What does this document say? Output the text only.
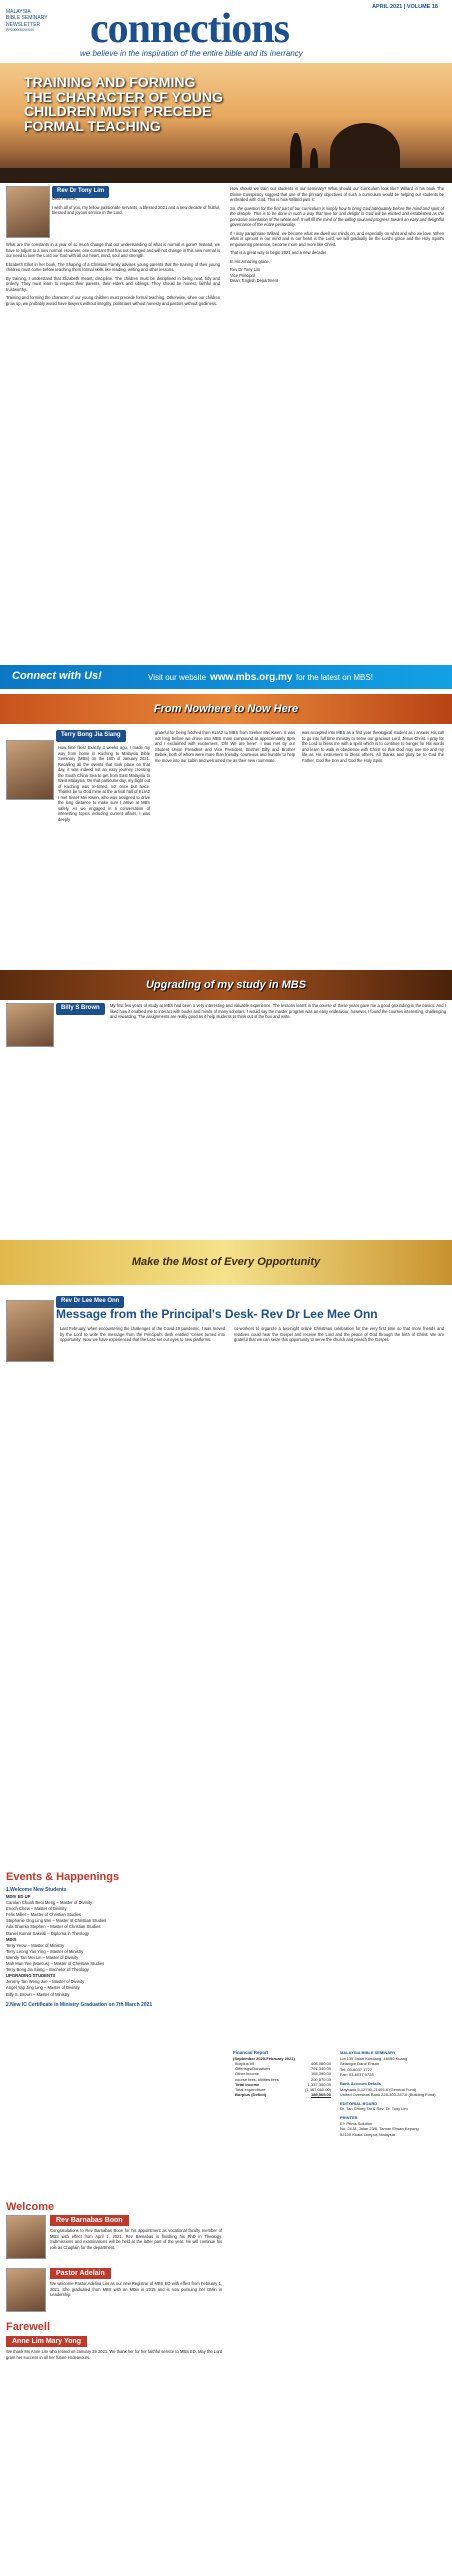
MALAYSIA
BIBLE SEMINARY
NEWSLETTER
PP000000000000	connections	APRIL 2021 | VOLUME 18
we believe in the inspiration of the entire bible and its inerrancy
TRAINING AND FORMING THE CHARACTER OF YOUNG CHILDREN MUST PRECEDE FORMAL TEACHING
Rev Dr Tony Lim

Dear Friends,

I wish all of you, my fellow passionate servants, a blessed 2021 and a new decade of fruitful, blessed and joyous service in the Lord.

What are the constants in a year of so much change that our understanding of what is normal is gone? Instead, we have to adjust to a new normal. However, one constant that has not changed and will not change in this new normal is our need to love the Lord our God with all our heart, mind, soul and strength.

Elizabeth Elliot in her book, The Shaping of a Christian Family advises young parents that the training of their young children must come before teaching them formal skills like reading, writing and other lessons.

By training, I understand that Elizabeth meant, discipline. The children must be disciplined in being neat, tidy and orderly. They must learn to respect their parents, their elders and siblings. They should be honest, faithful and trustworthy.

Training and forming the character of our young children must precede formal teaching. Otherwise, when our children grow up, we probably would have lawyers without integrity, politicians without honesty and pastors without godliness.

How should we train our students in our seminary? What should our curriculum look like? Willard in his book The Divine Conspiracy suggest that one of the primary objectives of such a curriculum would be helping our students be enthralled with God. This is how Willard puts it:

So, the question for the first part of our curriculum is simply how to bring God adequately before the mind and spirit of the disciple. This is to be done in such a way that love for and delight in God will be elicited and established as the pervasive orientation of the whole self. It will fill the mind of the willing soul and progress toward an easy and delightful governance of the entire personality.

If I may paraphrase Willard, we become what we dwell our minds on, and especially on what and who we love. When what is upmost in our mind and in our heart is the Lord, we will gradually be the Lord's grace and the Holy Spirit's empowering presence, become more and more like Christ.

That is a great way to begin 2021 and a new decade!

In His Amazing grace,

Rev Dr Tony Lim
Vice Principal
Dean, English Department
Connect with Us!	Visit our website www.mbs.org.my for the latest on MBS!
From Nowhere to Now Here
Terry Bong Jia Siang

How time flies! Exactly 3 weeks ago, I made my way from home in Kuching to Malaysia Bible Seminary (MBS) on the 16th of January 2021. Recalling all the events that took place on that day, it was indeed not an easy journey crossing the South China Sea to get from East Malaysia to West Malaysia. On that particular day, my flight out of Kuching was re-timed, not once but twice. Thanks be to God mine at the arrival hall of KLIA2 I met Sister Mei Kwen, who was assigned to drive the long distance to make sure I arrive at MBS safely. As we engaged in a conversation of interesting topics including current affairs, I was deeply

grateful for being fetched from KLIA2 to MBS from Seeker Mei Kwen. It was not long before we drove into MBS main compound at approximately 8pm and I exclaimed with excitement, 'Oh! We are here!'. I was met by our Student Union President and Vice President, Brother Billy and Brother Bebek, both of whom were more than friendly, courteous and humble to help me move into our cabin and welcomed me as their new roommate.

was accepted into MBS as a first year theological student as I answer His call to go into full time ministry to serve our gracious Lord, Jesus Christ. I pray for the Lord to bless me with a spirit which is to continue to hunger for His words and learn to walk in obedience with Christ so that God may use me and my life as His instrument to bless others. All thanks and glory be to God the Father, God the Son and God the Holy Spirit.

Upgrading of my study in MBS
Billy S Brown	My first few years of study at MBS had been a very interesting and valuable experience. The lessons learnt in the course of these years gave me a good grounding in the basics. And I liked how it enabled me to interact with books and minds of many scholars. I would say the master program was an easy endeavour, however, I found the courses interesting, challenging and rewarding. The assignments are really good as it help students to think out of the box and write.

Make the Most of Every Opportunity
Rev Dr Lee Mee Onn
Message from the Principal's Desk- Rev Dr Lee Mee Onn

Last February, when encountering the challenges of the Covid-19 pandemic, I was moved by the Lord to write the message from the Principal's desk entitled 'Crises turned into opportunity'. Now we have experienced that the Lord set our eyes to new platforms.

co-workers to organize a two-night online Christmas celebration for the very first time so that more friends and relatives could hear the Gospel and receive the Lord and the peace of God through the birth of Christ. We are grateful that we can seize this opportunity to serve the church and preach the Gospel.

Events & Happenings
1.Welcome New Students
MDIV ED UP
Carolan Chuah Beoi Meng – Master of Divinity
Enoch Chew – Master of Divinity
Felix Miller – Master of Christian Studies
Stephanie Ong Ling Wei – Master of Christian Studies
Ada Shamla Stephen – Master of Christian Studies
Daniel Kumar Sakeali – Diploma in Theology
MDIS
Terry Yeow – Master of Ministry
Terry Leong Yan Ying – Master of Ministry
Wendy Tan Mei Lin – Master of Divinity
Mah Mun Yee (Marcus) – Master of Christian Studies
Terry Bong Jia Siang – Bachelor of Theology
UPGRADING STUDENTS
Jeremy Tan Weng Jun – Master of Divinity
Angel Yap Jing Ling – Master of Divinity
Billy S. Brown – Master of Ministry
2.New IC Certificate in Ministry Graduation on 7th March 2021
Financial Report
(September 2020-February 2021)
Burplus b/f	408,060.00
Offerings/Donations	791,340.00
Other income	165,390.00
course fees, utilities fees	200,570.00
Total Income	1,337,300.00
Total expenditure	(1,467,660.00)
Burplus (Deficit)	189,565.00
MALAYSIA BIBLE SEMINARY
Lot 135 Jalan Kundang, 48050 Kuang
Selangor Darul Ehsan
Tel: 03-6037 1727
Fax: 03-6037 5728
Bank Account Details
Maybank 5-12740-21409-6 (General Fund)
United Overseas Bank 228-303-287-6 (Building Fund)
EDITORIAL BOARD
Dr. Tan Chong Tai & Rev. Dr. Tony Lim
PRINTER
EY Prints Solution
No. 24-M, Jalan 23/6, Taman Ehsan Kepong
52100 Kuala Lumpur, Malaysia
Welcome
Rev Barnabas Boon

Congratulations to Rev Barnabas Boon for his appointment as vocational faculty member of MBS with effect from April 1, 2021. Rev Barnabas is finishing his PhD in Theology. Submissions and examinations will be held at the latter part of the year. He will continue his role as Chaplain for the department.

Pastor Adelain

We welcome Pastor Adelina Lim as our new Registrar of MBS EO with effect from February 1, 2021. She graduated from MBS with an MDiv in 2015 and is now pursuing her DMin in Leadership.

Farewell
Anne Lim Mary Yong

We thank Ms Anne Lim who retired on January 29 2021. We thank her for her faithful service to MBS ED. May the Lord grant her success in all her future endeavours.
